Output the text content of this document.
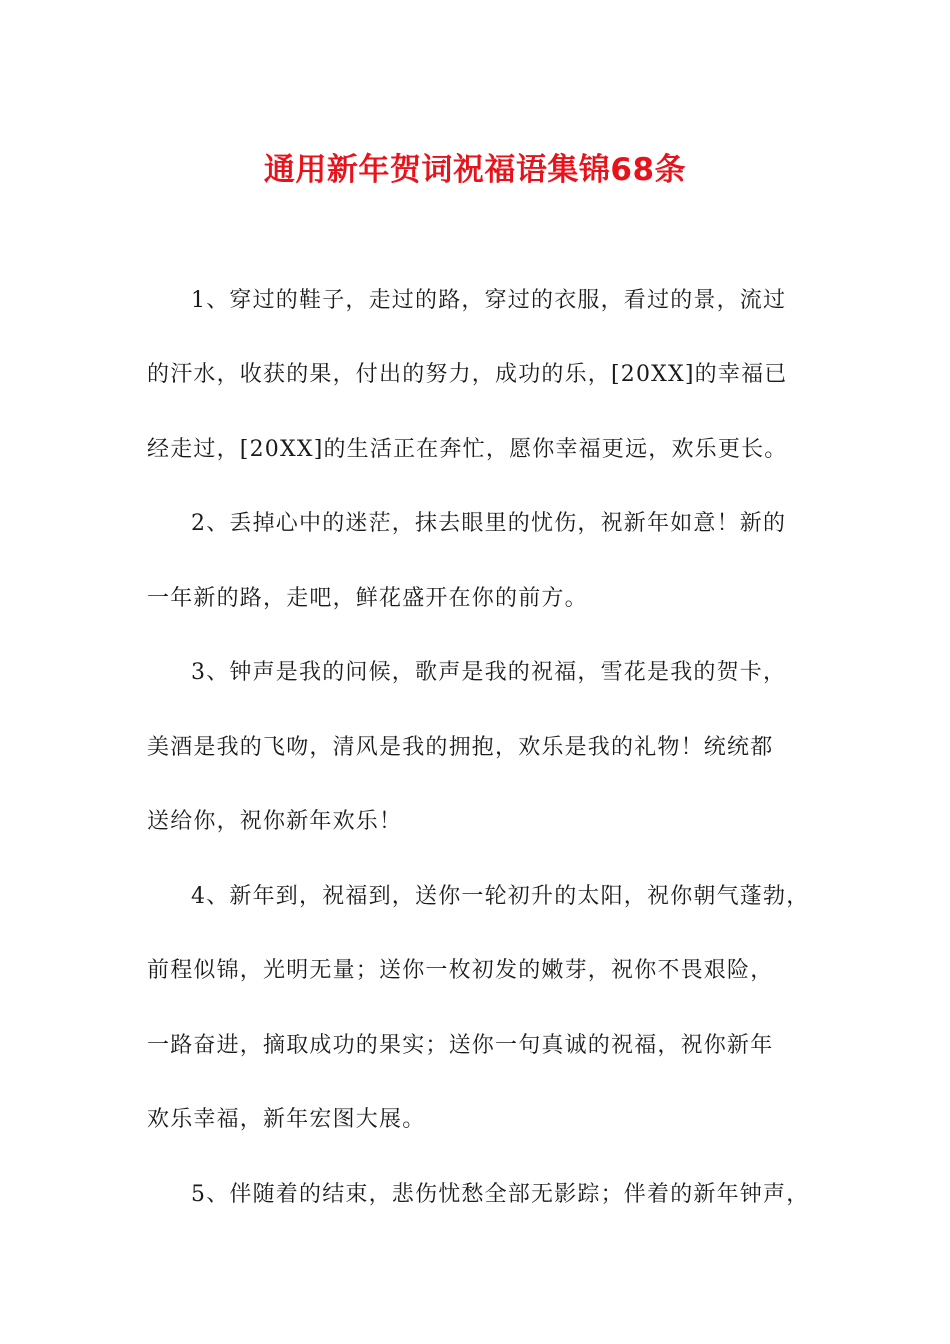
通用新年贺词祝福语集锦68条
1、穿过的鞋子，走过的路，穿过的衣服，看过的景，流过
的汗水，收获的果，付出的努力，成功的乐，[20XX]的幸福已
经走过，[20XX]的生活正在奔忙，愿你幸福更远，欢乐更长。
2、丢掉心中的迷茫，抹去眼里的忧伤，祝新年如意！新的
一年新的路，走吧，鲜花盛开在你的前方。
3、钟声是我的问候，歌声是我的祝福，雪花是我的贺卡，
美酒是我的飞吻，清风是我的拥抱，欢乐是我的礼物！统统都
送给你，祝你新年欢乐！
4、新年到，祝福到，送你一轮初升的太阳，祝你朝气蓬勃，
前程似锦，光明无量；送你一枚初发的嫩芽，祝你不畏艰险，
一路奋进，摘取成功的果实；送你一句真诚的祝福，祝你新年
欢乐幸福，新年宏图大展。
5、伴随着的结束，悲伤忧愁全部无影踪；伴着的新年钟声，
